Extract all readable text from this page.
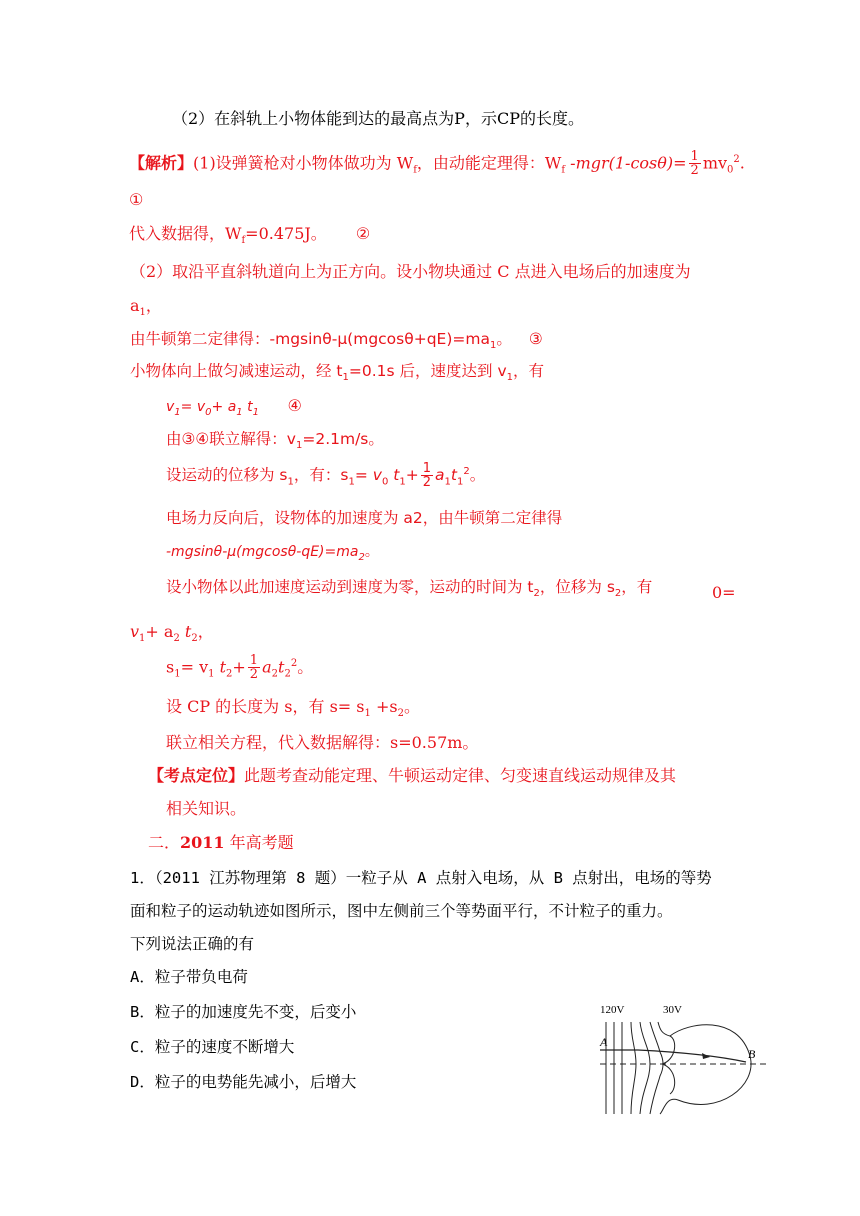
（2）在斜轨上小物体能到达的最高点为P，示CP的长度。
【解析】(1)设弹簧枪对小物体做功为 $W_f$，由动能定理得：$W_f$ $-mgr(1-\cos\theta)= \frac{1}{2} mv_0^2$.
①
代入数据得，$W_f=0.475J$。 ②
（2）取沿平直斜轨道向上为正方向。设小物块通过 C 点进入电场后的加速度为
$a_1$，
由牛顿第二定律得：$-mgsin\theta-\mu(mgcos\theta+qE)=ma_1$。 ③
小物体向上做匀减速运动，经 $t_1=0.1s$ 后，速度达到 $v_1$，有
$v_1= v_0+ a_1$ $t_1$ ④
由③④联立解得：$v_1=2.1m/s$。
设运动的位移为 $s_1$，有：$s_1= v_0$ $t_1+ \frac{1}{2} a_1t_1^2$。
电场力反向后，设物体的加速度为 a2，由牛顿第二定律得
$-mgsin\theta-\mu(mgcos\theta-qE)=ma_2$。
设小物体以此加速度运动到速度为零，运动的时间为 $t_2$，位移为 $s_2$，有	0=
$v_1+ a_2$ $t_2$，
$s_1= v_1$ $t_2+ \frac{1}{2} a_2t_2^2$。
设 CP 的长度为 s，有 $s= s_1 +s_2$。
联立相关方程，代入数据解得：s=0.57m。
【考点定位】此题考查动能定理、牛顿运动定律、匀变速直线运动规律及其
相关知识。
二．2011 年高考题
1．（2011 江苏物理第 8 题）一粒子从 A 点射入电场，从 B 点射出，电场的等势
面和粒子的运动轨迹如图所示，图中左侧前三个等势面平行，不计粒子的重力。
下列说法正确的有
A．粒子带负电荷
B．粒子的加速度先不变，后变小
C．粒子的速度不断增大
D．粒子的电势能先减小，后增大
120V	30V
A
B
